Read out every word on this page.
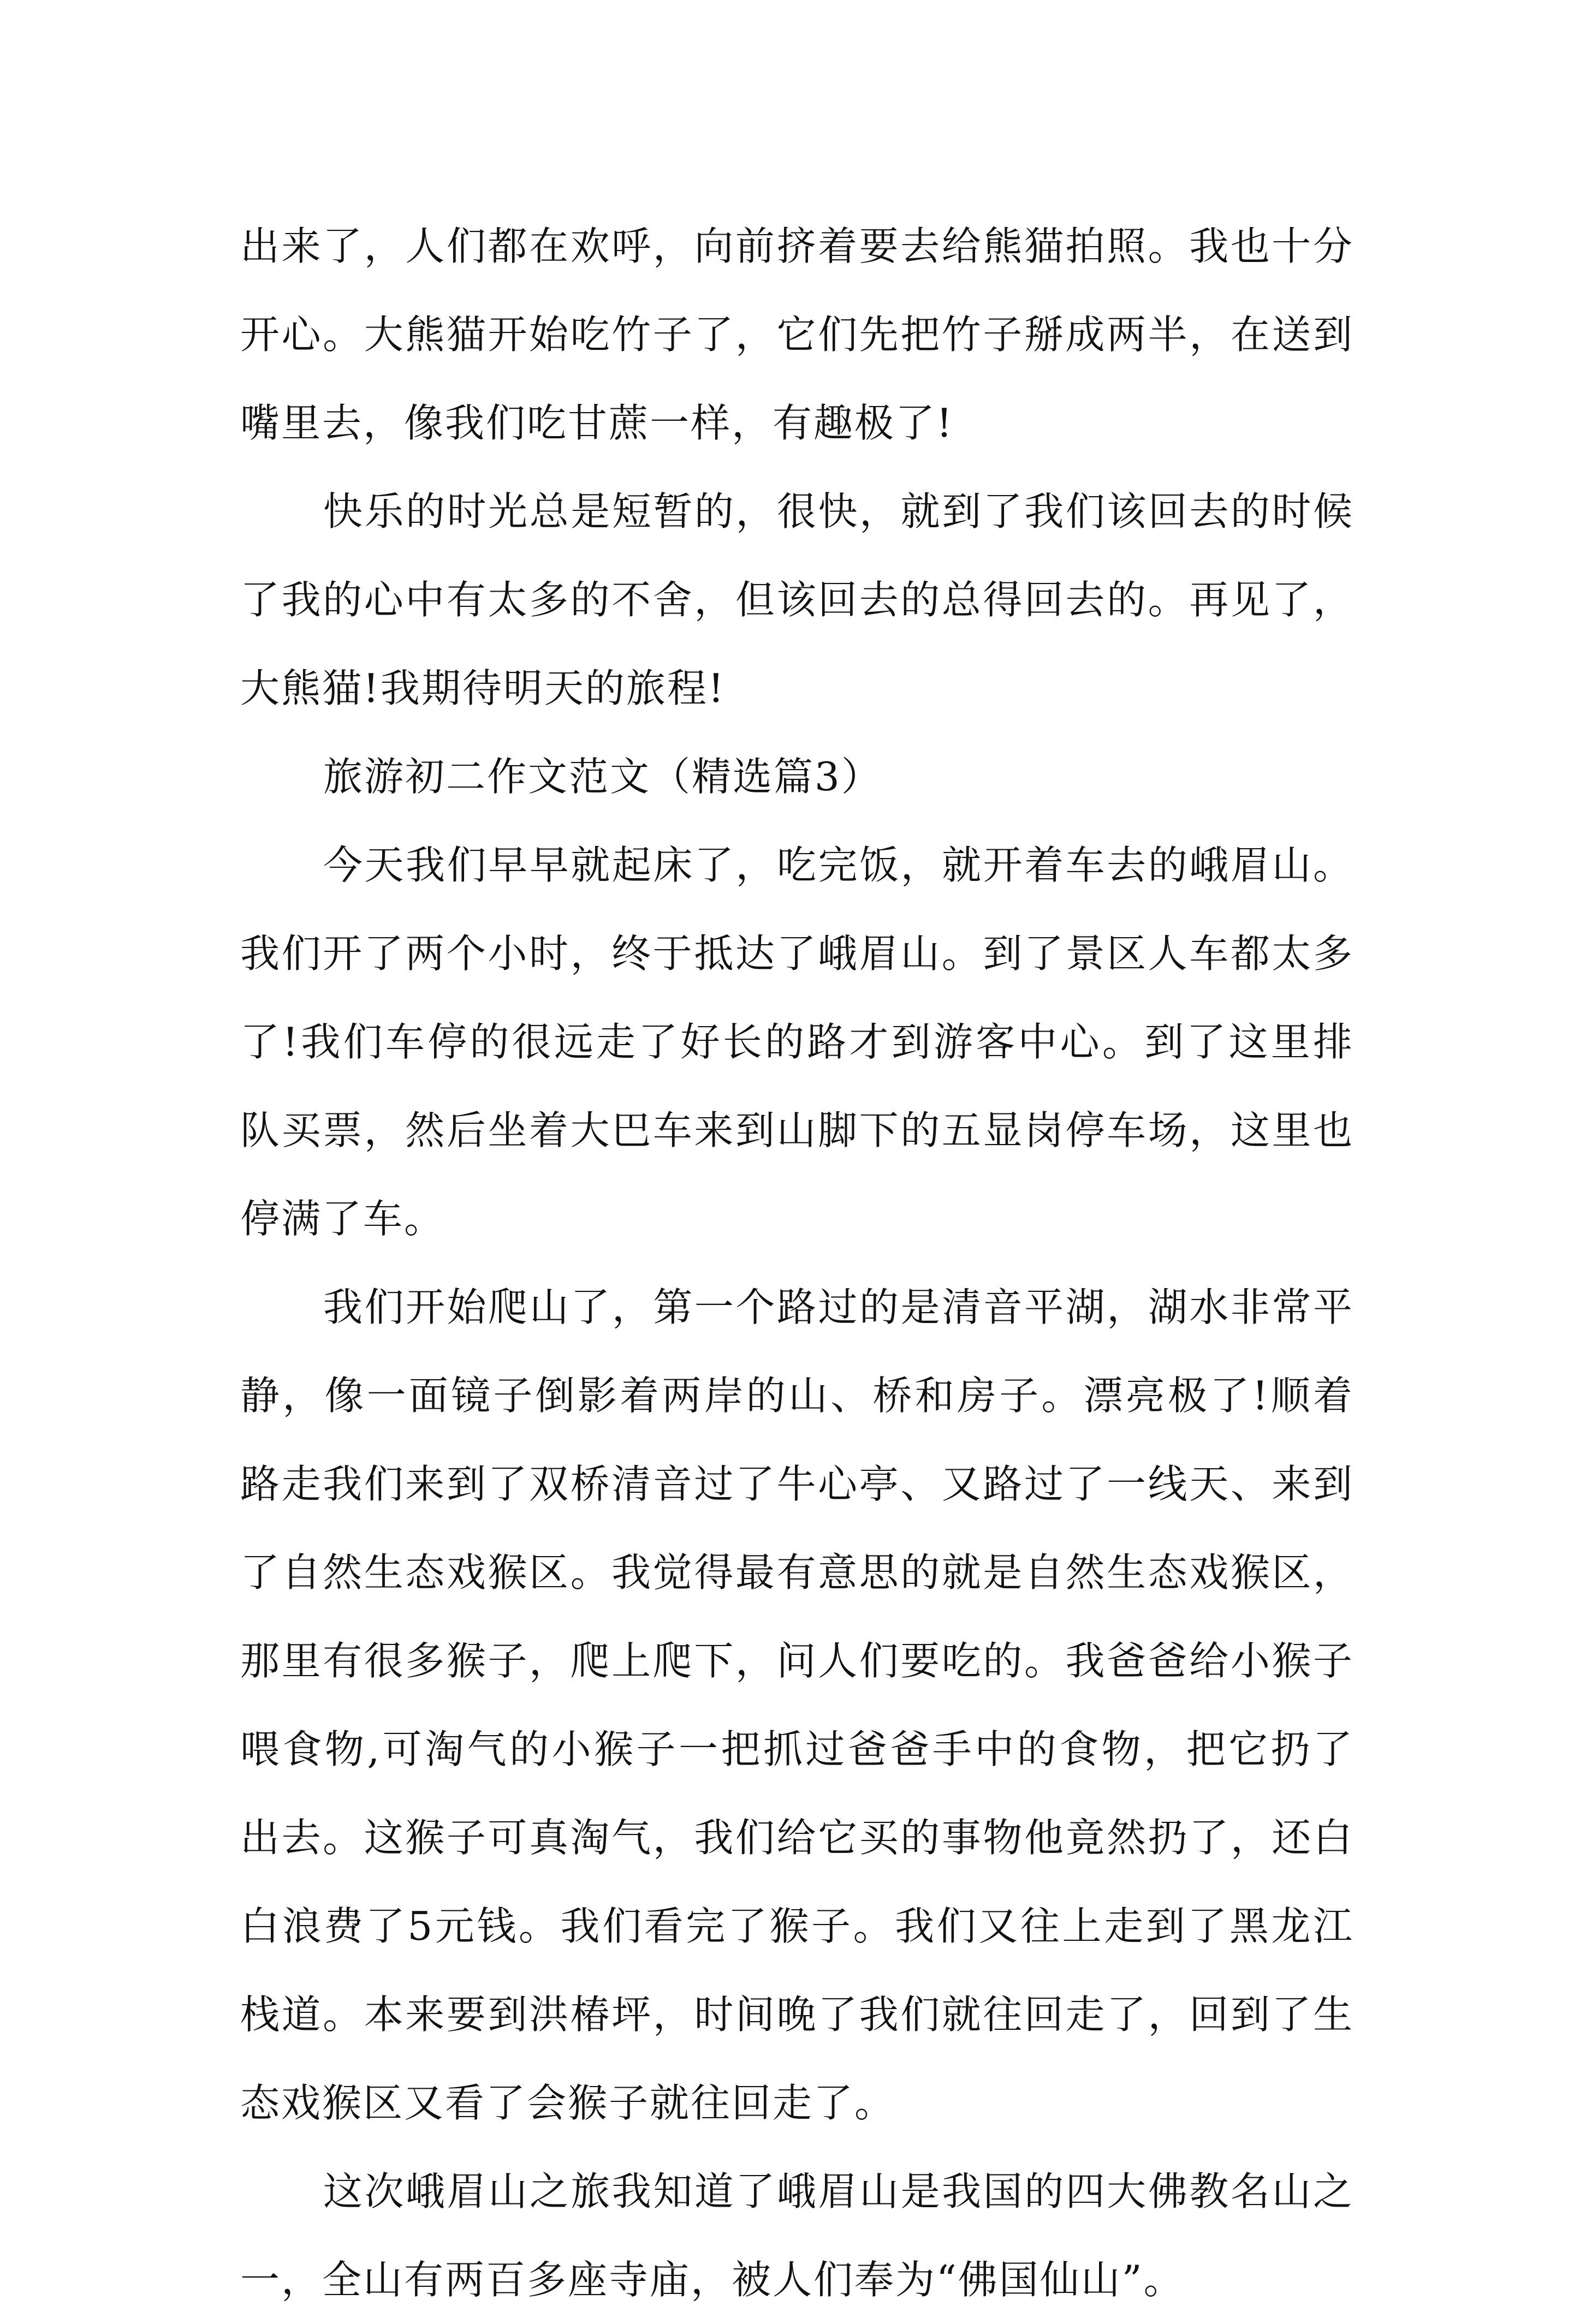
出来了，人们都在欢呼，向前挤着要去给熊猫拍照。我也十分开心。大熊猫开始吃竹子了，它们先把竹子掰成两半，在送到嘴里去，像我们吃甘蔗一样，有趣极了!

快乐的时光总是短暂的，很快，就到了我们该回去的时候了我的心中有太多的不舍，但该回去的总得回去的。再见了，大熊猫!我期待明天的旅程!

旅游初二作文范文（精选篇3）

今天我们早早就起床了，吃完饭，就开着车去的峨眉山。我们开了两个小时，终于抵达了峨眉山。到了景区人车都太多了!我们车停的很远走了好长的路才到游客中心。到了这里排队买票，然后坐着大巴车来到山脚下的五显岗停车场，这里也停满了车。

我们开始爬山了，第一个路过的是清音平湖，湖水非常平静，像一面镜子倒影着两岸的山、桥和房子。漂亮极了!顺着路走我们来到了双桥清音过了牛心亭、又路过了一线天、来到了自然生态戏猴区。我觉得最有意思的就是自然生态戏猴区，那里有很多猴子，爬上爬下，问人们要吃的。我爸爸给小猴子喂食物,可淘气的小猴子一把抓过爸爸手中的食物，把它扔了出去。这猴子可真淘气，我们给它买的事物他竟然扔了，还白白浪费了5元钱。我们看完了猴子。我们又往上走到了黑龙江栈道。本来要到洪椿坪，时间晚了我们就往回走了，回到了生态戏猴区又看了会猴子就往回走了。

这次峨眉山之旅我知道了峨眉山是我国的四大佛教名山之一，全山有两百多座寺庙，被人们奉为“佛国仙山”。
